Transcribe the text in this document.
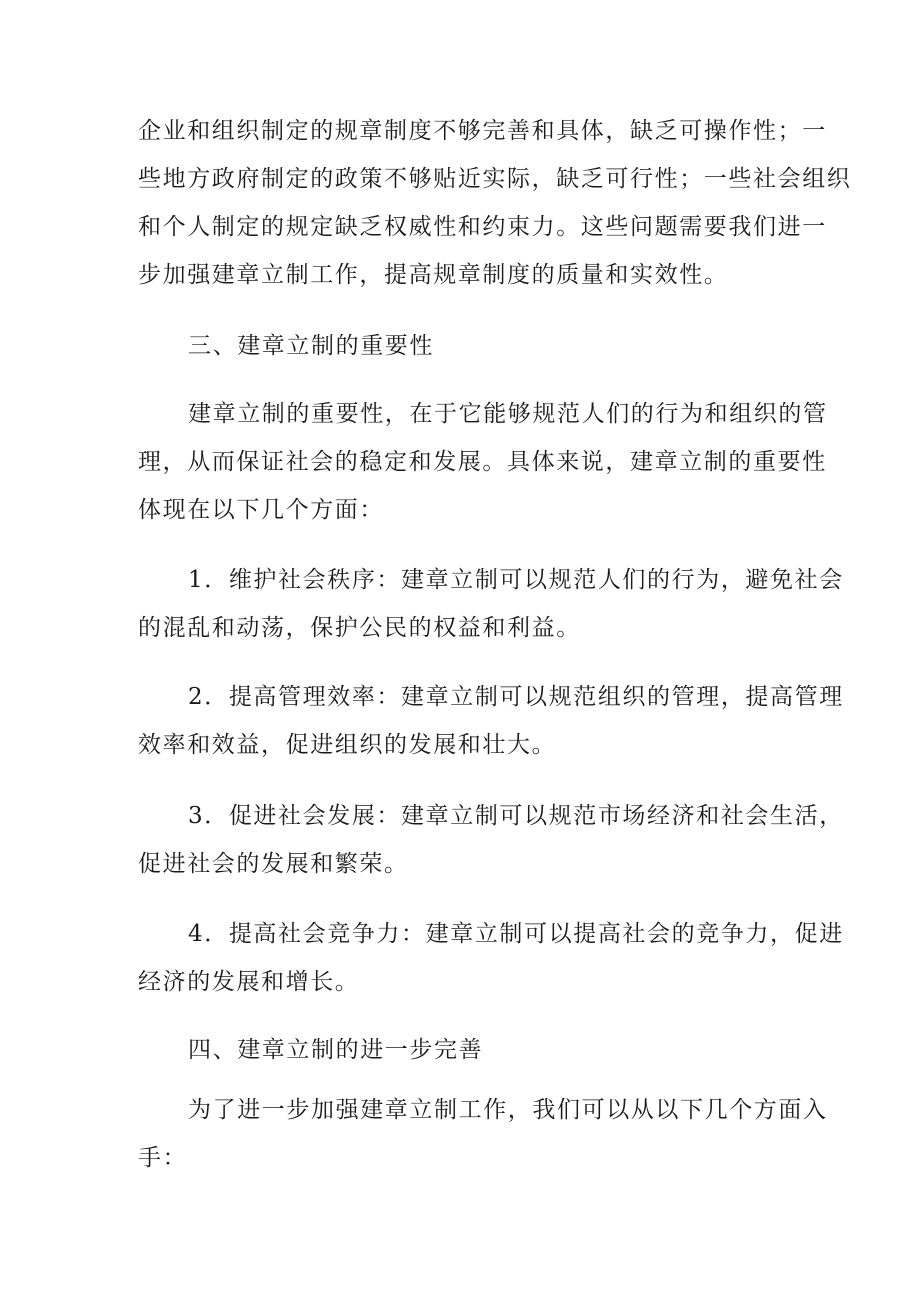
企业和组织制定的规章制度不够完善和具体，缺乏可操作性；一
些地方政府制定的政策不够贴近实际，缺乏可行性；一些社会组织
和个人制定的规定缺乏权威性和约束力。这些问题需要我们进一
步加强建章立制工作，提高规章制度的质量和实效性。
三、建章立制的重要性
建章立制的重要性，在于它能够规范人们的行为和组织的管
理，从而保证社会的稳定和发展。具体来说，建章立制的重要性
体现在以下几个方面：
1．维护社会秩序：建章立制可以规范人们的行为，避免社会
的混乱和动荡，保护公民的权益和利益。
2．提高管理效率：建章立制可以规范组织的管理，提高管理
效率和效益，促进组织的发展和壮大。
3．促进社会发展：建章立制可以规范市场经济和社会生活，
促进社会的发展和繁荣。
4．提高社会竞争力：建章立制可以提高社会的竞争力，促进
经济的发展和增长。
四、建章立制的进一步完善
为了进一步加强建章立制工作，我们可以从以下几个方面入
手：
